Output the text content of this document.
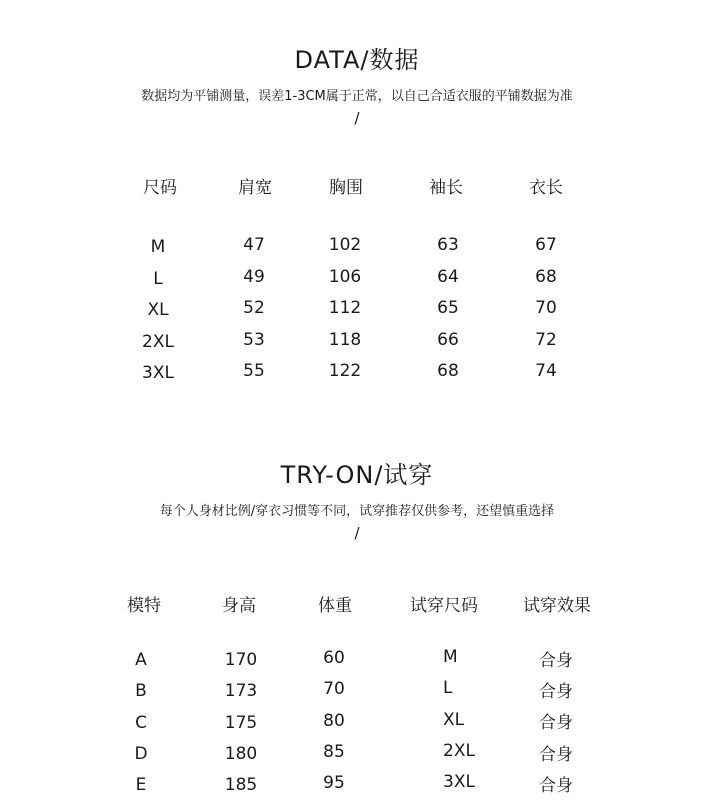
DATA/数据
数据均为平铺测量，误差1-3CM属于正常，以自己合适衣服的平铺数据为准
/
尺码	肩宽	胸围	袖长	衣长
M	47	102	63	67
L	49	106	64	68
XL	52	112	65	70
2XL	53	118	66	72
3XL	55	122	68	74
TRY-ON/试穿
每个人身材比例/穿衣习惯等不同，试穿推荐仅供参考，还望慎重选择
/
模特	身高	体重	试穿尺码	试穿效果
A	170	60	M	合身
B	173	70	L	合身
C	175	80	XL	合身
D	180	85	2XL	合身
E	185	95	3XL	合身
